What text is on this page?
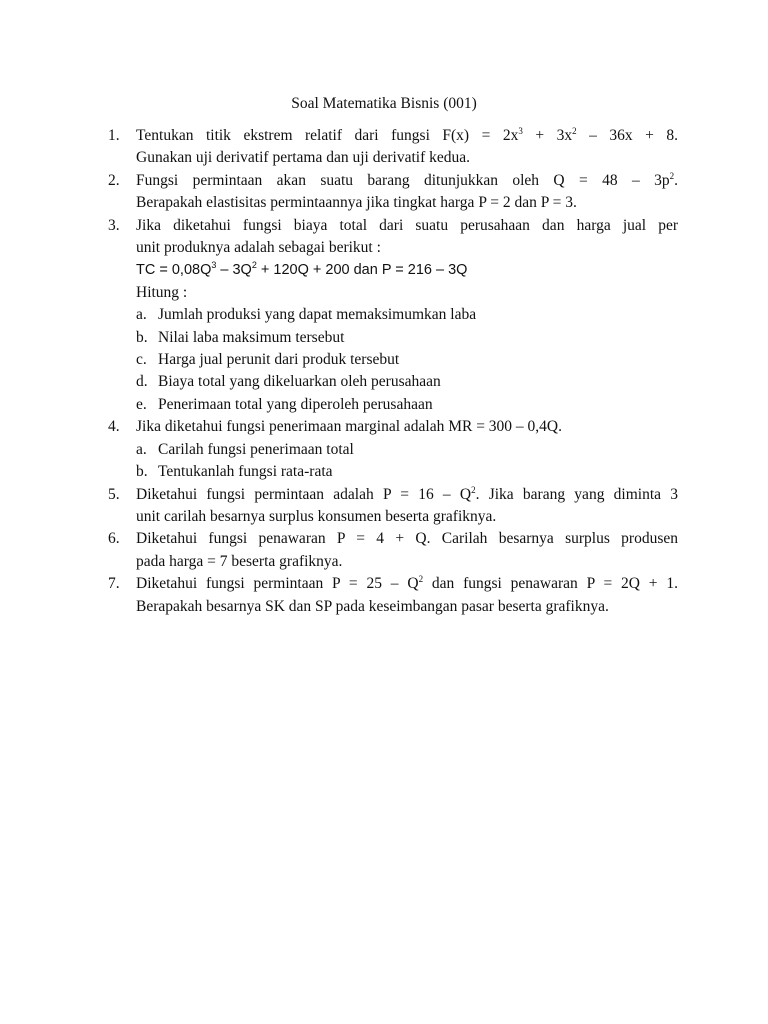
Soal Matematika Bisnis (001)
1.	Tentukan titik ekstrem relatif dari fungsi $F(x) = 2x^3 + 3x^2 - 36x + 8$.
Gunakan uji derivatif pertama dan uji derivatif kedua.
2.	Fungsi permintaan akan suatu barang ditunjukkan oleh $Q = 48 - 3p^2$.
Berapakah elastisitas permintaannya jika tingkat harga P = 2 dan P = 3.
3.	Jika diketahui fungsi biaya total dari suatu perusahaan dan harga jual per
unit produknya adalah sebagai berikut :
TC = $0,08Q^3 - 3Q^2 + 120Q + 200$ dan P = 216 – 3Q
Hitung :
a. Jumlah produksi yang dapat memaksimumkan laba
b. Nilai laba maksimum tersebut
c. Harga jual perunit dari produk tersebut
d. Biaya total yang dikeluarkan oleh perusahaan
e. Penerimaan total yang diperoleh perusahaan
4.	Jika diketahui fungsi penerimaan marginal adalah MR = 300 – 0,4Q.
a. Carilah fungsi penerimaan total
b. Tentukanlah fungsi rata-rata
5.	Diketahui fungsi permintaan adalah $P = 16 - Q^2$. Jika barang yang diminta 3
unit carilah besarnya surplus konsumen beserta grafiknya.
6.	Diketahui fungsi penawaran P = 4 + Q. Carilah besarnya surplus produsen
pada harga = 7 beserta grafiknya.
7.	Diketahui fungsi permintaan $P = 25 - Q^2$ dan fungsi penawaran P = 2Q + 1.
Berapakah besarnya SK dan SP pada keseimbangan pasar beserta grafiknya.
